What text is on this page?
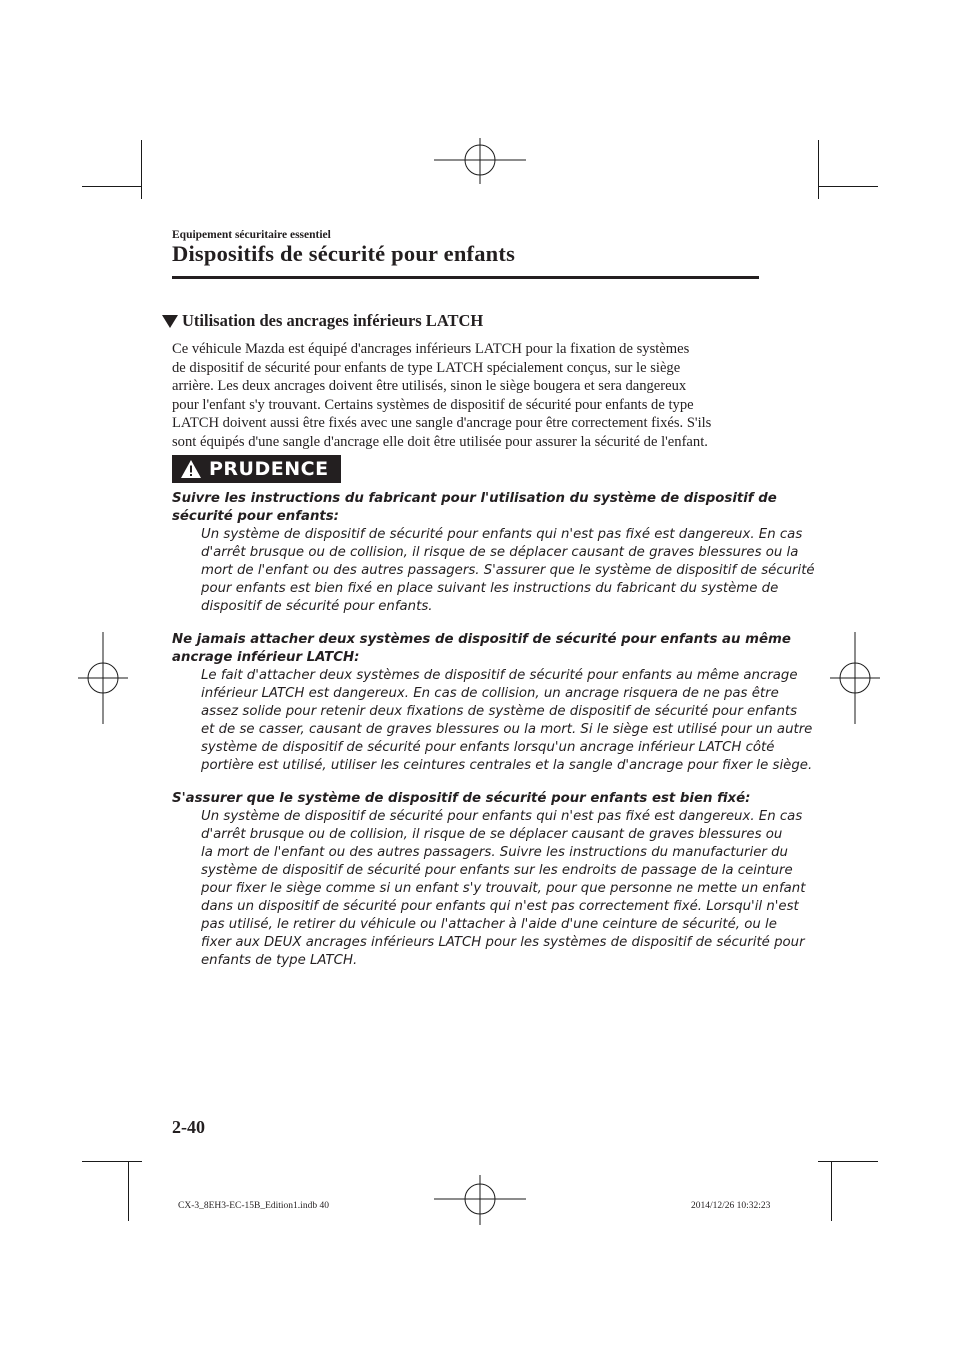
Equipement sécuritaire essentiel
Dispositifs de sécurité pour enfants
Utilisation des ancrages inférieurs LATCH
Ce véhicule Mazda est équipé d'ancrages inférieurs LATCH pour la fixation de systèmes
de dispositif de sécurité pour enfants de type LATCH spécialement conçus, sur le siège
arrière. Les deux ancrages doivent être utilisés, sinon le siège bougera et sera dangereux
pour l'enfant s'y trouvant. Certains systèmes de dispositif de sécurité pour enfants de type
LATCH doivent aussi être fixés avec une sangle d'ancrage pour être correctement fixés. S'ils
sont équipés d'une sangle d'ancrage elle doit être utilisée pour assurer la sécurité de l'enfant.
PRUDENCE
Suivre les instructions du fabricant pour l'utilisation du système de dispositif de
sécurité pour enfants:
Un système de dispositif de sécurité pour enfants qui n'est pas fixé est dangereux. En cas
d'arrêt brusque ou de collision, il risque de se déplacer causant de graves blessures ou la
mort de l'enfant ou des autres passagers. S'assurer que le système de dispositif de sécurité
pour enfants est bien fixé en place suivant les instructions du fabricant du système de
dispositif de sécurité pour enfants.
Ne jamais attacher deux systèmes de dispositif de sécurité pour enfants au même
ancrage inférieur LATCH:
Le fait d'attacher deux systèmes de dispositif de sécurité pour enfants au même ancrage
inférieur LATCH est dangereux. En cas de collision, un ancrage risquera de ne pas être
assez solide pour retenir deux fixations de système de dispositif de sécurité pour enfants
et de se casser, causant de graves blessures ou la mort. Si le siège est utilisé pour un autre
système de dispositif de sécurité pour enfants lorsqu'un ancrage inférieur LATCH côté
portière est utilisé, utiliser les ceintures centrales et la sangle d'ancrage pour fixer le siège.
S'assurer que le système de dispositif de sécurité pour enfants est bien fixé:
Un système de dispositif de sécurité pour enfants qui n'est pas fixé est dangereux. En cas
d'arrêt brusque ou de collision, il risque de se déplacer causant de graves blessures ou
la mort de l'enfant ou des autres passagers. Suivre les instructions du manufacturier du
système de dispositif de sécurité pour enfants sur les endroits de passage de la ceinture
pour fixer le siège comme si un enfant s'y trouvait, pour que personne ne mette un enfant
dans un dispositif de sécurité pour enfants qui n'est pas correctement fixé. Lorsqu'il n'est
pas utilisé, le retirer du véhicule ou l'attacher à l'aide d'une ceinture de sécurité, ou le
fixer aux DEUX ancrages inférieurs LATCH pour les systèmes de dispositif de sécurité pour
enfants de type LATCH.
2-40
CX-3_8EH3-EC-15B_Edition1.indb 40	2014/12/26 10:32:23
